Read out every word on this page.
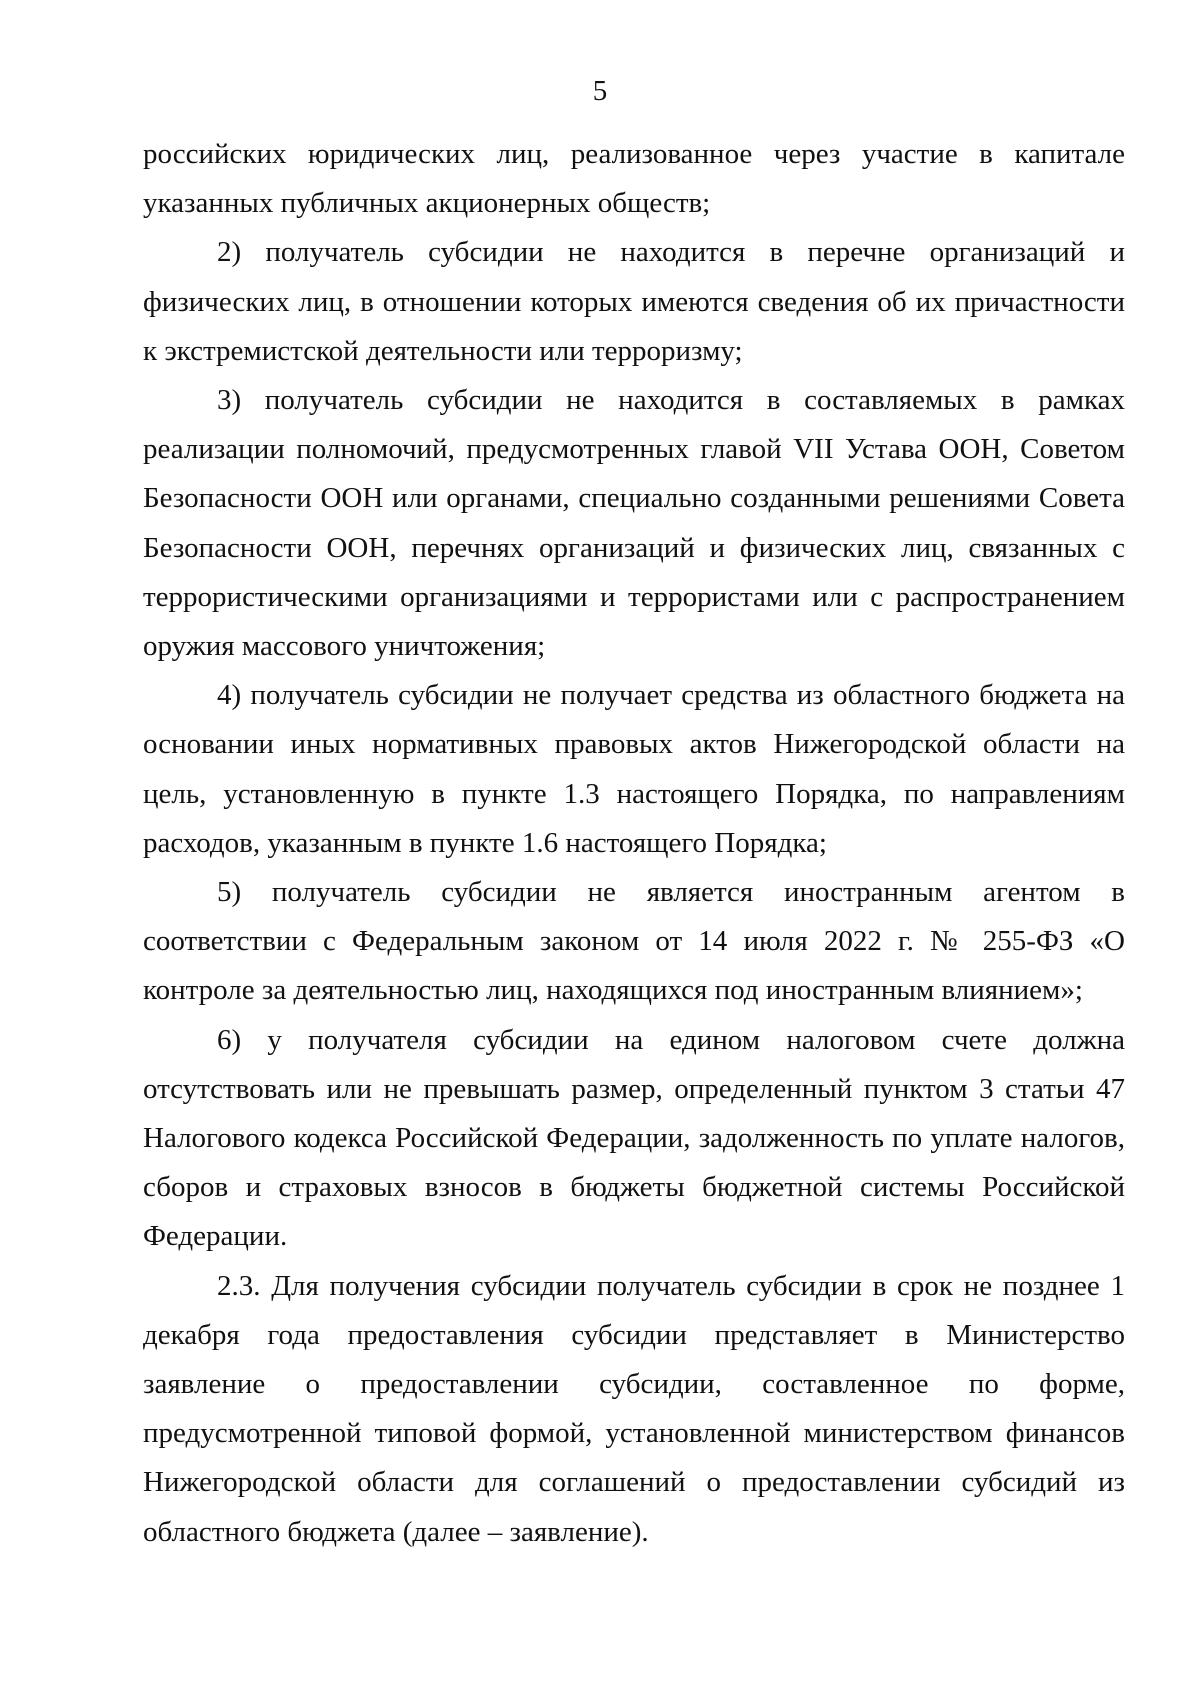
5

российских юридических лиц, реализованное через участие в капитале указанных публичных акционерных обществ;

2) получатель субсидии не находится в перечне организаций и физических лиц, в отношении которых имеются сведения об их причастности к экстремистской деятельности или терроризму;

3) получатель субсидии не находится в составляемых в рамках реализации полномочий, предусмотренных главой VII Устава ООН, Советом Безопасности ООН или органами, специально созданными решениями Совета Безопасности ООН, перечнях организаций и физических лиц, связанных с террористическими организациями и террористами или с распространением оружия массового уничтожения;

4) получатель субсидии не получает средства из областного бюджета на основании иных нормативных правовых актов Нижегородской области на цель, установленную в пункте 1.3 настоящего Порядка, по направлениям расходов, указанным в пункте 1.6 настоящего Порядка;

5) получатель субсидии не является иностранным агентом в соответствии с Федеральным законом от 14 июля 2022 г. № 255-ФЗ «О контроле за деятельностью лиц, находящихся под иностранным влиянием»;

6) у получателя субсидии на едином налоговом счете должна отсутствовать или не превышать размер, определенный пунктом 3 статьи 47 Налогового кодекса Российской Федерации, задолженность по уплате налогов, сборов и страховых взносов в бюджеты бюджетной системы Российской Федерации.

2.3. Для получения субсидии получатель субсидии в срок не позднее 1 декабря года предоставления субсидии представляет в Министерство заявление о предоставлении субсидии, составленное по форме, предусмотренной типовой формой, установленной министерством финансов Нижегородской области для соглашений о предоставлении субсидий из областного бюджета (далее – заявление).
